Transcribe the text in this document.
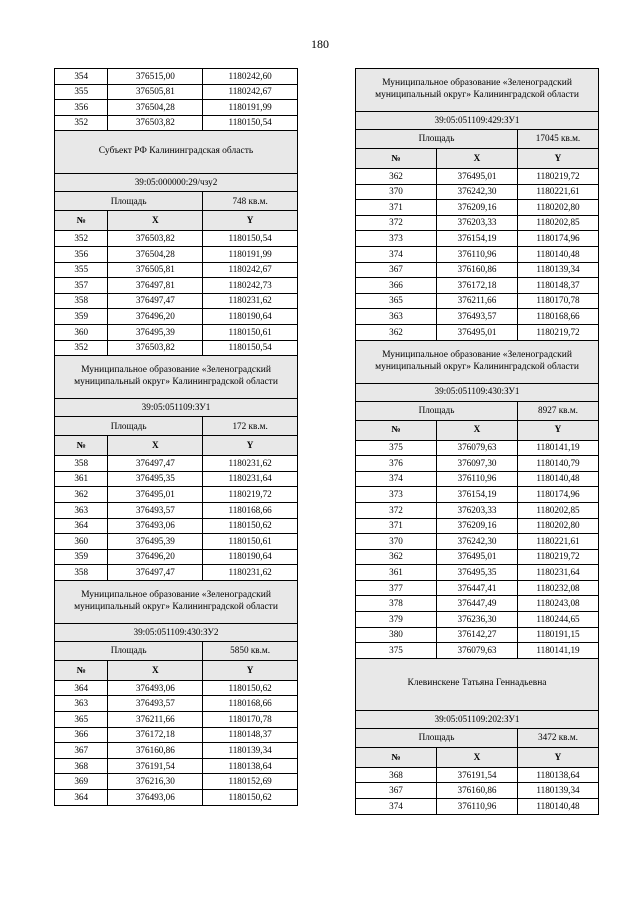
180
354	376515,00	1180242,60
355	376505,81	1180242,67
356	376504,28	1180191,99
352	376503,82	1180150,54
Субъект РФ Калининградская область		
39:05:000000:29/чзу2		
Площадь		748 кв.м.
№	X	Y
352	376503,82	1180150,54
356	376504,28	1180191,99
355	376505,81	1180242,67
357	376497,81	1180242,73
358	376497,47	1180231,62
359	376496,20	1180190,64
360	376495,39	1180150,61
352	376503,82	1180150,54
Муниципальное образование «Зеленоградский муниципальный округ» Калининградской области		
39:05:051109:ЗУ1		
Площадь		172 кв.м.
№	X	Y
358	376497,47	1180231,62
361	376495,35	1180231,64
362	376495,01	1180219,72
363	376493,57	1180168,66
364	376493,06	1180150,62
360	376495,39	1180150,61
359	376496,20	1180190,64
358	376497,47	1180231,62
Муниципальное образование «Зеленоградский муниципальный округ» Калининградской области		
39:05:051109:430:ЗУ2		
Площадь		5850 кв.м.
№	X	Y
364	376493,06	1180150,62
363	376493,57	1180168,66
365	376211,66	1180170,78
366	376172,18	1180148,37
367	376160,86	1180139,34
368	376191,54	1180138,64
369	376216,30	1180152,69
364	376493,06	1180150,62
Муниципальное образование «Зеленоградский муниципальный округ» Калининградской области		
39:05:051109:429:ЗУ1		
Площадь		17045 кв.м.
№	X	Y
362	376495,01	1180219,72
370	376242,30	1180221,61
371	376209,16	1180202,80
372	376203,33	1180202,85
373	376154,19	1180174,96
374	376110,96	1180140,48
367	376160,86	1180139,34
366	376172,18	1180148,37
365	376211,66	1180170,78
363	376493,57	1180168,66
362	376495,01	1180219,72
Муниципальное образование «Зеленоградский муниципальный округ» Калининградской области		
39:05:051109:430:ЗУ1		
Площадь		8927 кв.м.
№	X	Y
375	376079,63	1180141,19
376	376097,30	1180140,79
374	376110,96	1180140,48
373	376154,19	1180174,96
372	376203,33	1180202,85
371	376209,16	1180202,80
370	376242,30	1180221,61
362	376495,01	1180219,72
361	376495,35	1180231,64
377	376447,41	1180232,08
378	376447,49	1180243,08
379	376236,30	1180244,65
380	376142,27	1180191,15
375	376079,63	1180141,19
Клевинскене Татьяна Геннадьевна		
39:05:051109:202:ЗУ1		
Площадь		3472 кв.м.
№	X	Y
368	376191,54	1180138,64
367	376160,86	1180139,34
374	376110,96	1180140,48
